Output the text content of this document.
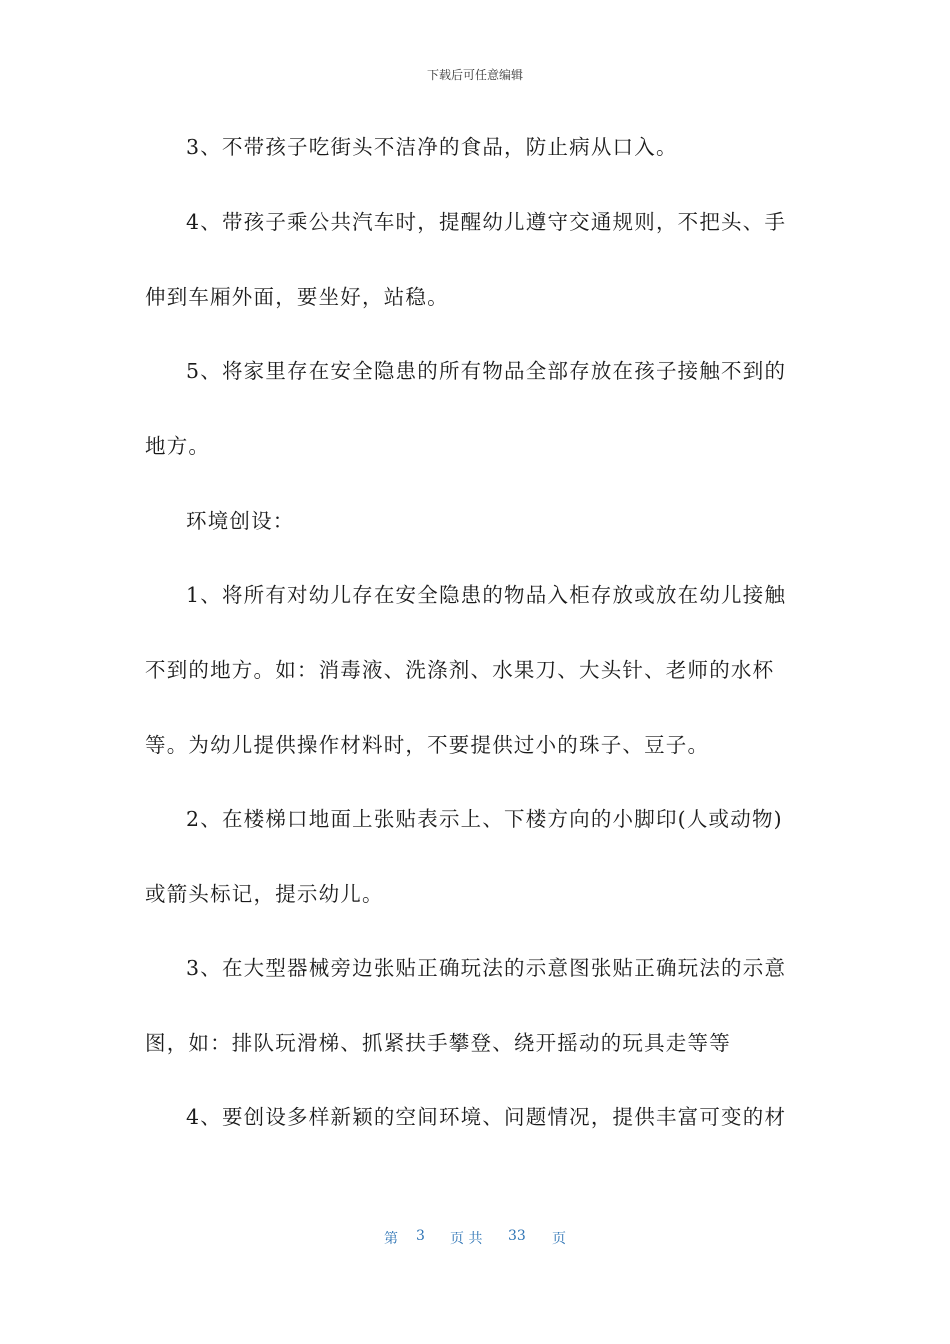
下载后可任意编辑
3、不带孩子吃街头不洁净的食品，防止病从口入。
4、带孩子乘公共汽车时，提醒幼儿遵守交通规则，不把头、手
伸到车厢外面，要坐好，站稳。
5、将家里存在安全隐患的所有物品全部存放在孩子接触不到的
地方。
环境创设：
1、将所有对幼儿存在安全隐患的物品入柜存放或放在幼儿接触
不到的地方。如：消毒液、洗涤剂、水果刀、大头针、老师的水杯
等。为幼儿提供操作材料时，不要提供过小的珠子、豆子。
2、在楼梯口地面上张贴表示上、下楼方向的小脚印(人或动物)
或箭头标记，提示幼儿。
3、在大型器械旁边张贴正确玩法的示意图张贴正确玩法的示意
图，如：排队玩滑梯、抓紧扶手攀登、绕开摇动的玩具走等等
4、要创设多样新颖的空间环境、问题情况，提供丰富可变的材
第 3 页 共 33 页
